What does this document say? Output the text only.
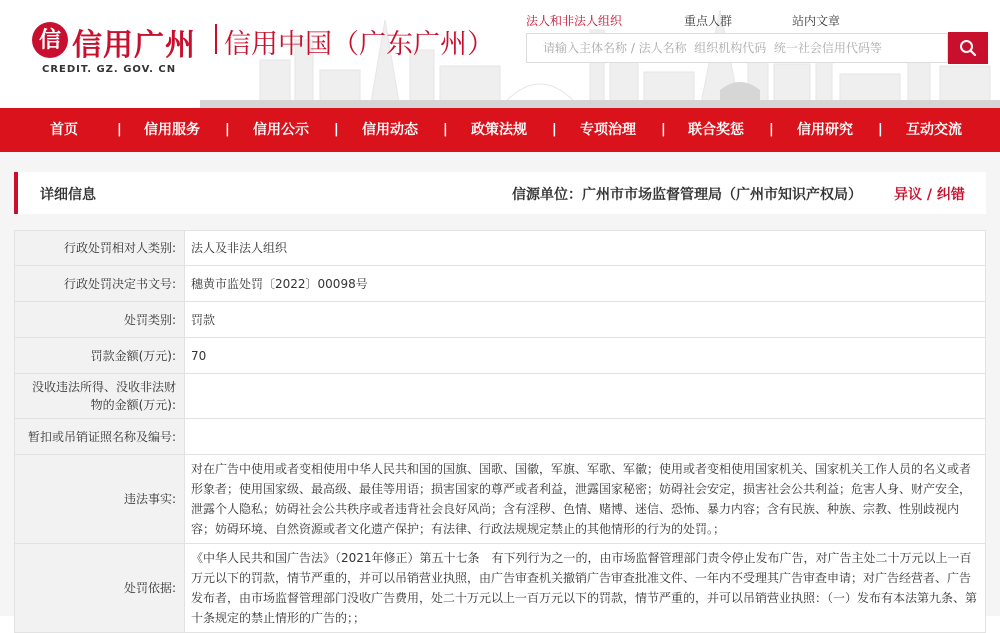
信 信用广州
CREDIT. GZ. GOV. CN
信用中国（广东广州）
法人和非法人组织	重点人群	站内文章
请输入主体名称 / 法人名称 组织机构代码 统一社会信用代码等
首页	| 信用服务 | 信用公示 | 信用动态 | 政策法规 | 专项治理 | 联合奖惩 | 信用研究 | 互动交流
详细信息	信源单位：广州市市场监督管理局（广州市知识产权局） 异议 / 纠错
行政处罚相对人类别:	法人及非法人组织
行政处罚决定书文号:	穗黄市监处罚〔2022〕00098号
处罚类别:	罚款
罚款金额(万元):	70
没收违法所得、没收非法财物的金额(万元):	
暂扣或吊销证照名称及编号:	
违法事实:	对在广告中使用或者变相使用中华人民共和国的国旗、国歌、国徽，军旗、军歌、军徽；使用或者变相使用国家机关、国家机关工作人员的名义或者形象者；使用国家级、最高级、最佳等用语；损害国家的尊严或者利益，泄露国家秘密；妨碍社会安定，损害社会公共利益；危害人身、财产安全，泄露个人隐私；妨碍社会公共秩序或者违背社会良好风尚；含有淫秽、色情、赌博、迷信、恐怖、暴力内容；含有民族、种族、宗教、性别歧视内容；妨碍环境、自然资源或者文化遗产保护；有法律、行政法规规定禁止的其他情形的行为的处罚。；
处罚依据:	《中华人民共和国广告法》（2021年修正）第五十七条　有下列行为之一的，由市场监督管理部门责令停止发布广告，对广告主处二十万元以上一百万元以下的罚款，情节严重的，并可以吊销营业执照，由广告审查机关撤销广告审查批准文件、一年内不受理其广告审查申请；对广告经营者、广告发布者，由市场监督管理部门没收广告费用，处二十万元以上一百万元以下的罚款，情节严重的，并可以吊销营业执照：（一）发布有本法第九条、第十条规定的禁止情形的广告的；；
